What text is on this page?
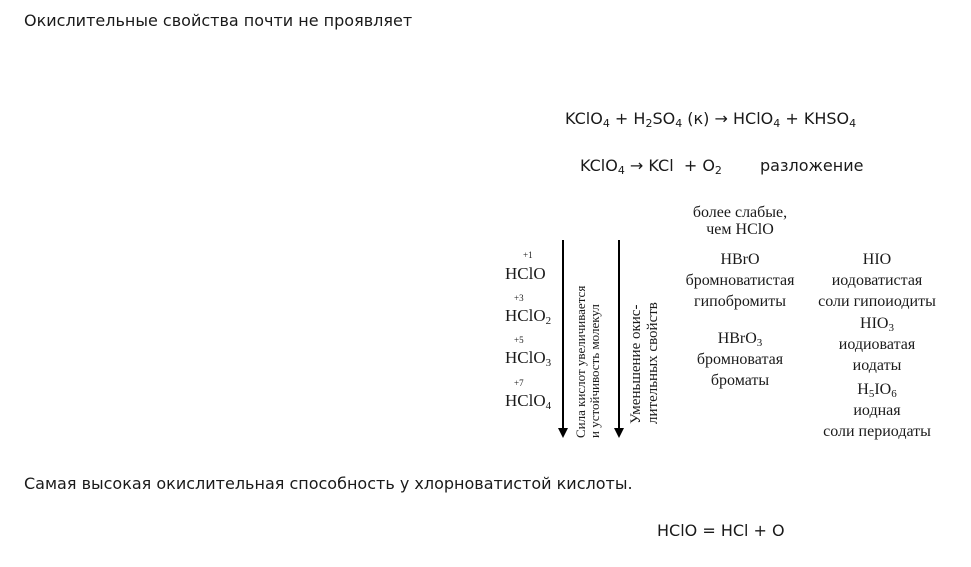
Окислительные свойства почти не проявляет
KClO$_4$ + $H_2SO_4$ (к) → HClO$_4$ + $KHSO_4$
KClO$_4$ → KCl  + $O_2$ разложение
+1
HClO
+3
HClO$_2$
+5
HClO$_3$
+7
HClO$_4$ Сила кислот увеличивается
и устойчивость молекул Уменьшение окис-
лительных свойств
более слабые,
чем HClO
HBrO
бромноватистая
гипобромиты
HBrO$_3$
бромноватая
броматы
HIO
иодоватистая
соли гипоиодиты
$HIO_3$
иодиоватая
иодаты
$H_5IO_6$
иодная
соли периодаты
Самая высокая окислительная способность у хлорноватистой кислоты.
HClO = HCl + O
